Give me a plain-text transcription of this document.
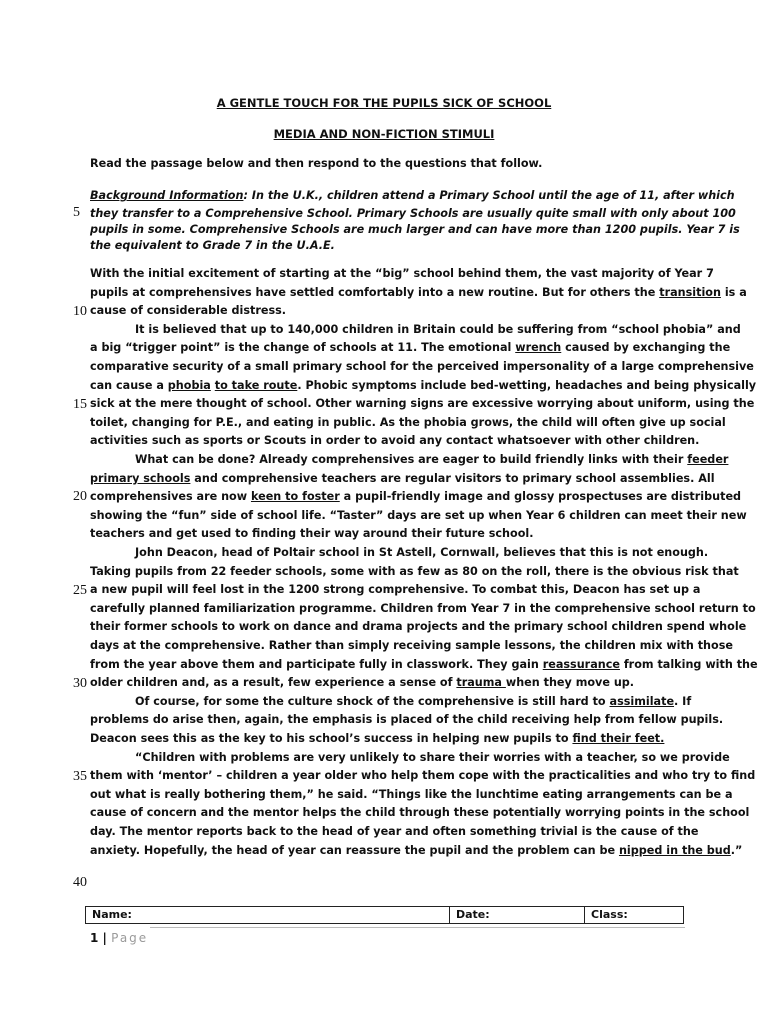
A GENTLE TOUCH FOR THE PUPILS SICK OF SCHOOL
MEDIA AND NON-FICTION STIMULI
Read the passage below and then respond to the questions that follow.
Background Information: In the U.K., children attend a Primary School until the age of 11, after which
they transfer to a Comprehensive School. Primary Schools are usually quite small with only about 100
pupils in some. Comprehensive Schools are much larger and can have more than 1200 pupils. Year 7 is
the equivalent to Grade 7 in the U.A.E.
5
10
15
20
25
30
35
40
With the initial excitement of starting at the “big” school behind them, the vast majority of Year 7
pupils at comprehensives have settled comfortably into a new routine. But for others the transition is a
cause of considerable distress.
It is believed that up to 140,000 children in Britain could be suffering from “school phobia” and
a big “trigger point” is the change of schools at 11. The emotional wrench caused by exchanging the
comparative security of a small primary school for the perceived impersonality of a large comprehensive
can cause a phobia to take route. Phobic symptoms include bed-wetting, headaches and being physically
sick at the mere thought of school. Other warning signs are excessive worrying about uniform, using the
toilet, changing for P.E., and eating in public. As the phobia grows, the child will often give up social
activities such as sports or Scouts in order to avoid any contact whatsoever with other children.
What can be done? Already comprehensives are eager to build friendly links with their feeder
primary schools and comprehensive teachers are regular visitors to primary school assemblies. All
comprehensives are now keen to foster a pupil-friendly image and glossy prospectuses are distributed
showing the “fun” side of school life. “Taster” days are set up when Year 6 children can meet their new
teachers and get used to finding their way around their future school.
John Deacon, head of Poltair school in St Astell, Cornwall, believes that this is not enough.
Taking pupils from 22 feeder schools, some with as few as 80 on the roll, there is the obvious risk that
a new pupil will feel lost in the 1200 strong comprehensive. To combat this, Deacon has set up a
carefully planned familiarization programme. Children from Year 7 in the comprehensive school return to
their former schools to work on dance and drama projects and the primary school children spend whole
days at the comprehensive. Rather than simply receiving sample lessons, the children mix with those
from the year above them and participate fully in classwork. They gain reassurance from talking with the
older children and, as a result, few experience a sense of trauma when they move up.
Of course, for some the culture shock of the comprehensive is still hard to assimilate. If
problems do arise then, again, the emphasis is placed of the child receiving help from fellow pupils.
Deacon sees this as the key to his school’s success in helping new pupils to find their feet.
“Children with problems are very unlikely to share their worries with a teacher, so we provide
them with ‘mentor’ – children a year older who help them cope with the practicalities and who try to find
out what is really bothering them,” he said. “Things like the lunchtime eating arrangements can be a
cause of concern and the mentor helps the child through these potentially worrying points in the school
day. The mentor reports back to the head of year and often something trivial is the cause of the
anxiety. Hopefully, the head of year can reassure the pupil and the problem can be nipped in the bud.”
Name:	Date:	Class:
1 | Page
